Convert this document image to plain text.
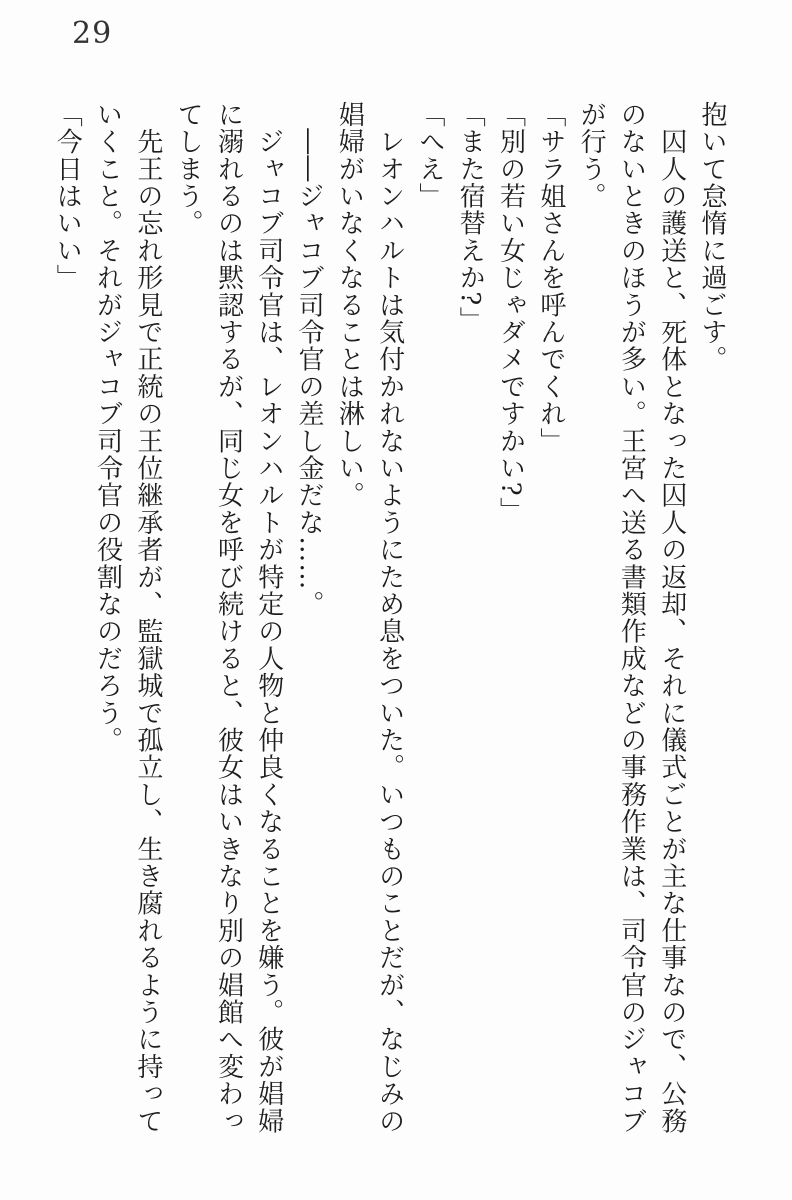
29
抱いて怠惰に過ごす。
　囚人の護送と、死体となった囚人の返却、それに儀式ごとが主な仕事なので、公務
のないときのほうが多い。王宮へ送る書類作成などの事務作業は、司令官のジャコブ
が行う。
「サラ姐さんを呼んでくれ」
「別の若い女じゃダメですかい?」
「また宿替えか?」
「へえ」
　レオンハルトは気付かれないようにため息をついた。いつものことだが、なじみの
娼婦がいなくなることは淋しい。
　――ジャコブ司令官の差し金だな……。
　ジャコブ司令官は、レオンハルトが特定の人物と仲良くなることを嫌う。彼が娼婦
に溺れるのは黙認するが、同じ女を呼び続けると、彼女はいきなり別の娼館へ変わっ
てしまう。
　先王の忘れ形見で正統の王位継承者が、監獄城で孤立し、生き腐れるように持って
いくこと。それがジャコブ司令官の役割なのだろう。
「今日はいい」
